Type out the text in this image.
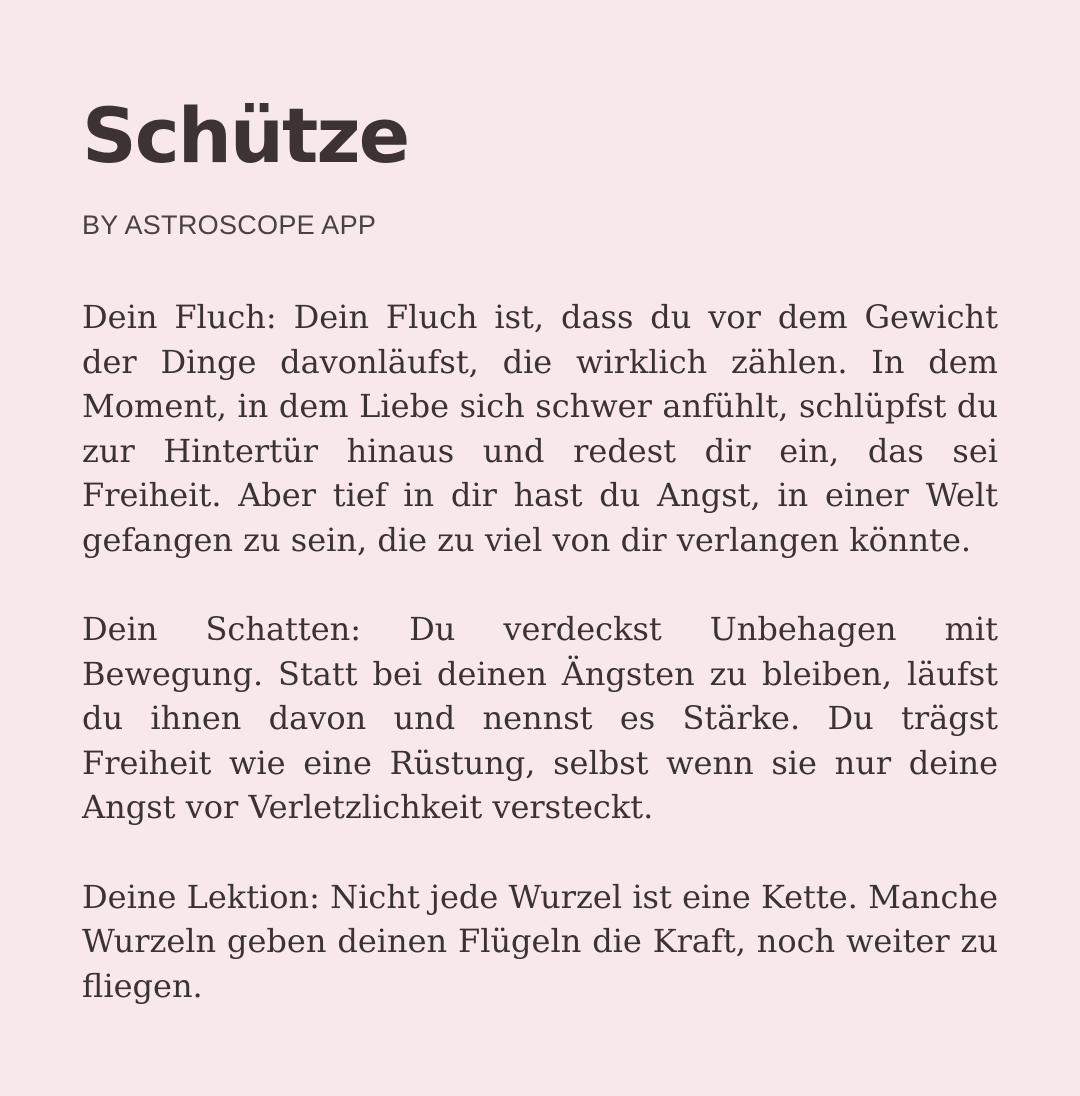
Schütze
BY ASTROSCOPE APP

Dein Fluch: Dein Fluch ist, dass du vor dem Gewicht der Dinge davonläufst, die wirklich zählen. In dem Moment, in dem Liebe sich schwer anfühlt, schlüpfst du zur Hintertür hinaus und redest dir ein, das sei Freiheit. Aber tief in dir hast du Angst, in einer Welt gefangen zu sein, die zu viel von dir verlangen könnte.

Dein Schatten: Du verdeckst Unbehagen mit Bewegung. Statt bei deinen Ängsten zu bleiben, läufst du ihnen davon und nennst es Stärke. Du trägst Freiheit wie eine Rüstung, selbst wenn sie nur deine Angst vor Verletzlichkeit versteckt.

Deine Lektion: Nicht jede Wurzel ist eine Kette. Manche Wurzeln geben deinen Flügeln die Kraft, noch weiter zu fliegen.
